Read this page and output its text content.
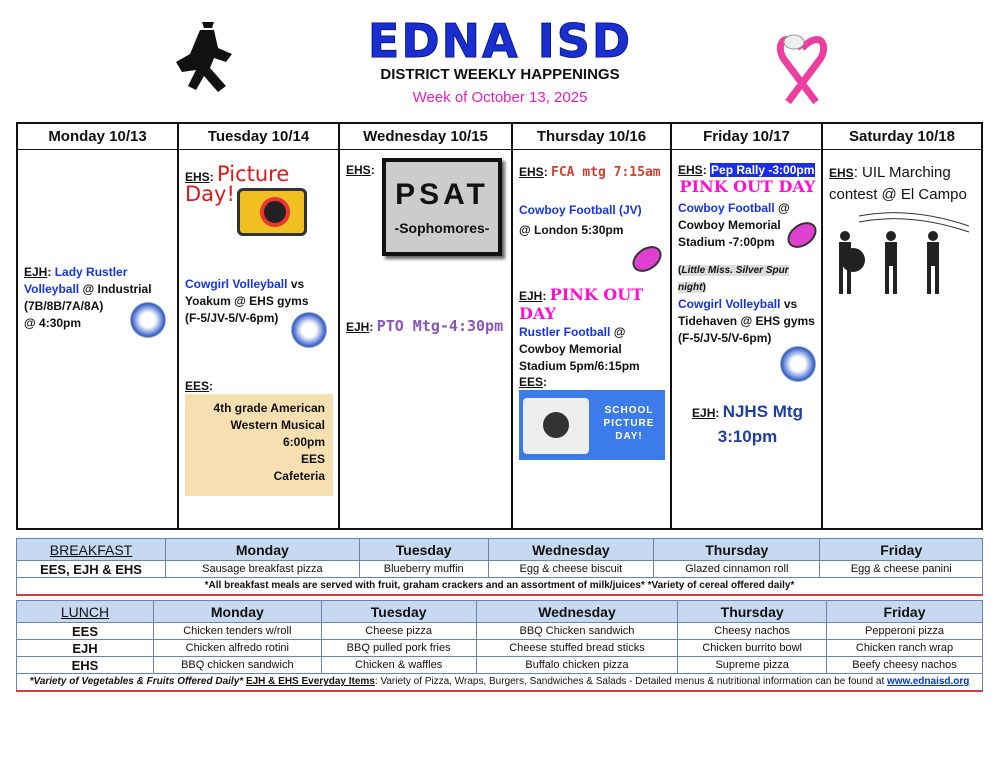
EDNA ISD
DISTRICT WEEKLY HAPPENINGS
Week of October 13, 2025
Monday 10/13
EJH: Lady Rustler Volleyball @ Industrial
(7B/8B/7A/8A)
@ 4:30pm
Tuesday 10/14
EHS: Picture Day!
Cowgirl Volleyball vs Yoakum @ EHS gyms
(F-5/JV-5/V-6pm)
EES:
4th grade American
Western Musical
6:00pm
EES
Cafeteria
Wednesday 10/15
EHS:
PSAT
-Sophomores-
EJH: PTO Mtg-4:30pm
Thursday 10/16
EHS: FCA mtg 7:15am
Cowboy Football (JV)
@ London 5:30pm
EJH: PINK OUT DAY
Rustler Football @ Cowboy Memorial
Stadium 5pm/6:15pm
EES:
SCHOOL PICTURE DAY!
Friday 10/17
EHS: Pep Rally -3:00pm
PINK OUT DAY
Cowboy Football @ Cowboy Memorial
Stadium -7:00pm
(Little Miss. Silver Spur night)
Cowgirl Volleyball vs Tidehaven @ EHS gyms
(F-5/JV-5/V-6pm)
EJH: NJHS Mtg
3:10pm
Saturday 10/18
EHS: UIL Marching contest @ El Campo
BREAKFAST	Monday	Tuesday	Wednesday	Thursday	Friday
EES, EJH & EHS	Sausage breakfast pizza	Blueberry muffin	Egg & cheese biscuit	Glazed cinnamon roll	Egg & cheese panini
*All breakfast meals are served with fruit, graham crackers and an assortment of milk/juices* *Variety of cereal offered daily*					
LUNCH	Monday	Tuesday	Wednesday	Thursday	Friday
EES	Chicken tenders w/roll	Cheese pizza	BBQ Chicken sandwich	Cheesy nachos	Pepperoni pizza
EJH	Chicken alfredo rotini	BBQ pulled pork fries	Cheese stuffed bread sticks	Chicken burrito bowl	Chicken ranch wrap
EHS	BBQ chicken sandwich	Chicken & waffles	Buffalo chicken pizza	Supreme pizza	Beefy cheesy nachos
*Variety of Vegetables & Fruits Offered Daily* EJH & EHS Everyday Items: Variety of Pizza, Wraps, Burgers, Sandwiches & Salads - Detailed menus & nutritional information can be found at www.ednaisd.org					
